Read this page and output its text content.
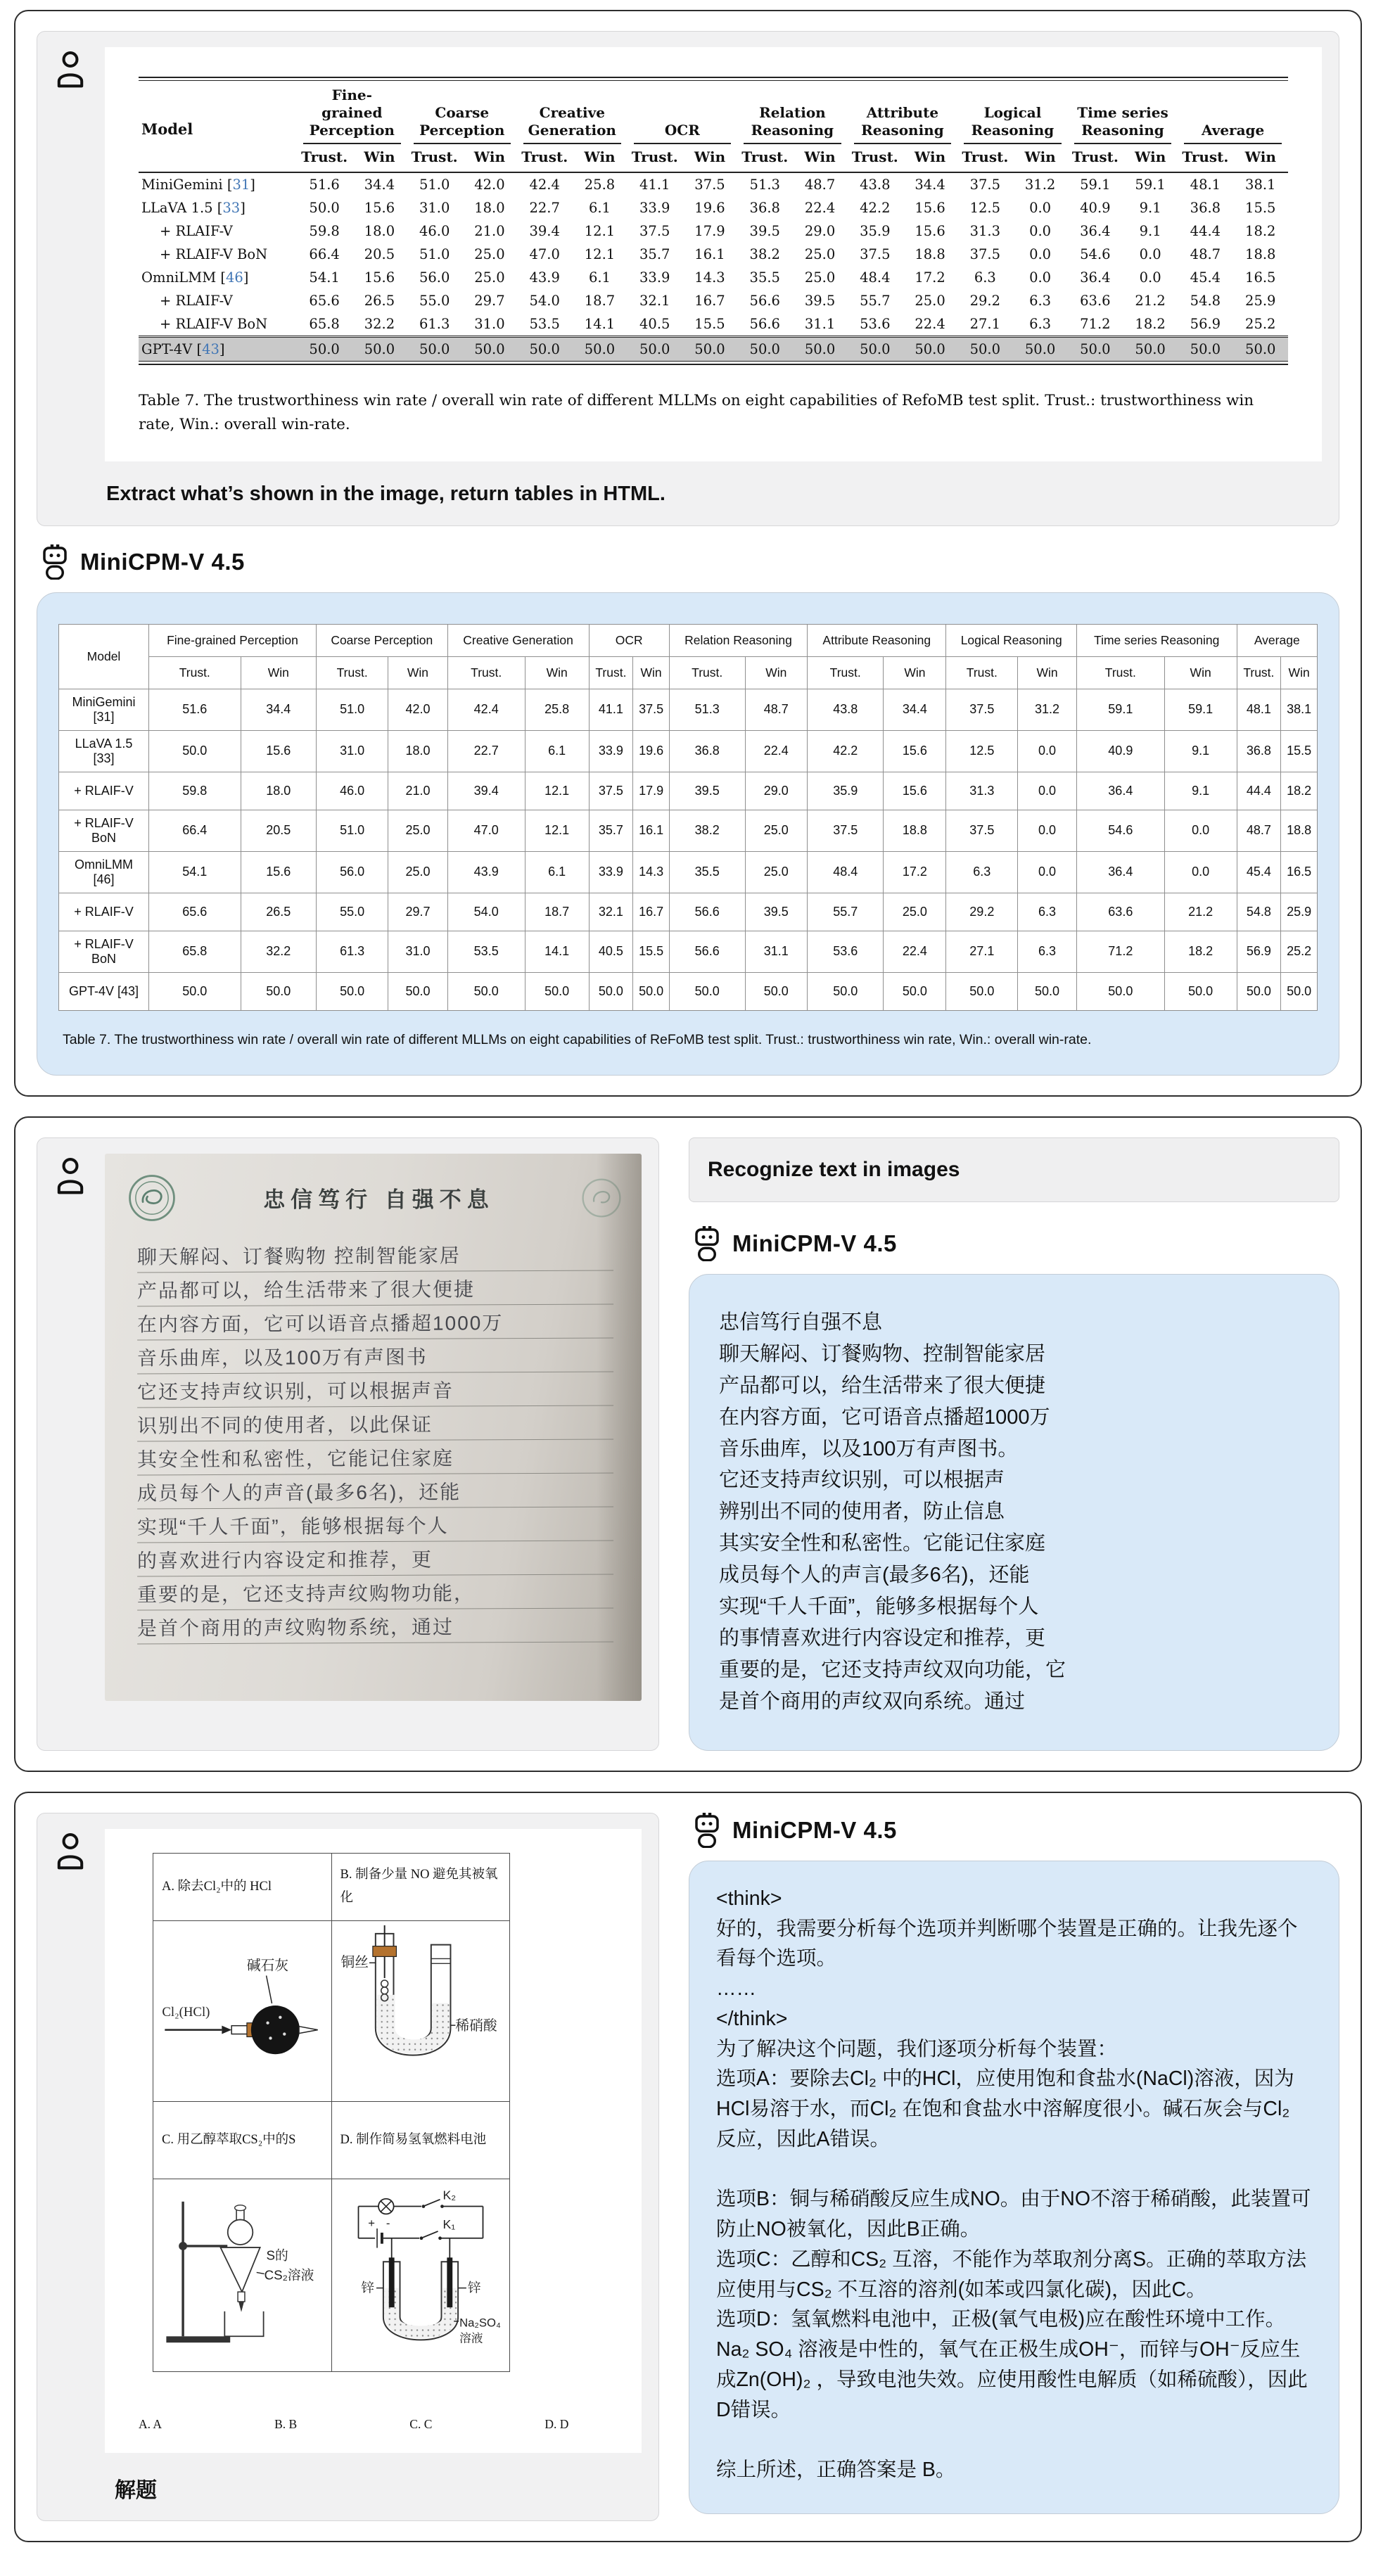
Model	Fine-grained Perception		Coarse Perception		Creative Generation		OCR		Relation Reasoning		Attribute Reasoning		Logical Reasoning		Time series Reasoning		Average	

	Trust.	Win	Trust.	Win	Trust.	Win	Trust.	Win	Trust.	Win	Trust.	Win	Trust.	Win	Trust.	Win	Trust.	Win
MiniGemini [31]	51.6	34.4	51.0	42.0	42.4	25.8	41.1	37.5	51.3	48.7	43.8	34.4	37.5	31.2	59.1	59.1	48.1	38.1
LLaVA 1.5 [33]	50.0	15.6	31.0	18.0	22.7	6.1	33.9	19.6	36.8	22.4	42.2	15.6	12.5	0.0	40.9	9.1	36.8	15.5
+ RLAIF-V	59.8	18.0	46.0	21.0	39.4	12.1	37.5	17.9	39.5	29.0	35.9	15.6	31.3	0.0	36.4	9.1	44.4	18.2
+ RLAIF-V BoN	66.4	20.5	51.0	25.0	47.0	12.1	35.7	16.1	38.2	25.0	37.5	18.8	37.5	0.0	54.6	0.0	48.7	18.8
OmniLMM [46]	54.1	15.6	56.0	25.0	43.9	6.1	33.9	14.3	35.5	25.0	48.4	17.2	6.3	0.0	36.4	0.0	45.4	16.5
+ RLAIF-V	65.6	26.5	55.0	29.7	54.0	18.7	32.1	16.7	56.6	39.5	55.7	25.0	29.2	6.3	63.6	21.2	54.8	25.9
+ RLAIF-V BoN	65.8	32.2	61.3	31.0	53.5	14.1	40.5	15.5	56.6	31.1	53.6	22.4	27.1	6.3	71.2	18.2	56.9	25.2
GPT-4V [43]	50.0	50.0	50.0	50.0	50.0	50.0	50.0	50.0	50.0	50.0	50.0	50.0	50.0	50.0	50.0	50.0	50.0	50.0
Table 7. The trustworthiness win rate / overall win rate of different MLLMs on eight capabilities of RefoMB test split. Trust.: trustworthiness win rate, Win.: overall win-rate.
Extract what’s shown in the image, return tables in HTML.
MiniCPM-V 4.5
Model	Fine-grained Perception		Coarse Perception		Creative Generation		OCR		Relation Reasoning		Attribute Reasoning		Logical Reasoning		Time series Reasoning		Average	
	Trust.	Win	Trust.	Win	Trust.	Win	Trust.	Win	Trust.	Win	Trust.	Win	Trust.	Win	Trust.	Win	Trust.	Win
MiniGemini [31]	51.6	34.4	51.0	42.0	42.4	25.8	41.1	37.5	51.3	48.7	43.8	34.4	37.5	31.2	59.1	59.1	48.1	38.1
LLaVA 1.5 [33]	50.0	15.6	31.0	18.0	22.7	6.1	33.9	19.6	36.8	22.4	42.2	15.6	12.5	0.0	40.9	9.1	36.8	15.5
+ RLAIF-V	59.8	18.0	46.0	21.0	39.4	12.1	37.5	17.9	39.5	29.0	35.9	15.6	31.3	0.0	36.4	9.1	44.4	18.2
+ RLAIF-V BoN	66.4	20.5	51.0	25.0	47.0	12.1	35.7	16.1	38.2	25.0	37.5	18.8	37.5	0.0	54.6	0.0	48.7	18.8
OmniLMM [46]	54.1	15.6	56.0	25.0	43.9	6.1	33.9	14.3	35.5	25.0	48.4	17.2	6.3	0.0	36.4	0.0	45.4	16.5
+ RLAIF-V	65.6	26.5	55.0	29.7	54.0	18.7	32.1	16.7	56.6	39.5	55.7	25.0	29.2	6.3	63.6	21.2	54.8	25.9
+ RLAIF-V BoN	65.8	32.2	61.3	31.0	53.5	14.1	40.5	15.5	56.6	31.1	53.6	22.4	27.1	6.3	71.2	18.2	56.9	25.2
GPT-4V [43]	50.0	50.0	50.0	50.0	50.0	50.0	50.0	50.0	50.0	50.0	50.0	50.0	50.0	50.0	50.0	50.0	50.0	50.0
Table 7. The trustworthiness win rate / overall win rate of different MLLMs on eight capabilities of ReFoMB test split. Trust.: trustworthiness win rate, Win.: overall win-rate.
忠信笃行 自强不息
聊天解闷、订餐购物 控制智能家居
产品都可以，给生活带来了很大便捷
在内容方面，它可以语音点播超1000万
音乐曲库，以及100万有声图书
它还支持声纹识别，可以根据声音
识别出不同的使用者，以此保证
其安全性和私密性，它能记住家庭
成员每个人的声音(最多6名)，还能
实现“千人千面”，能够根据每个人
的喜欢进行内容设定和推荐，更
重要的是，它还支持声纹购物功能，
是首个商用的声纹购物系统，通过
Recognize text in images
MiniCPM-V 4.5
忠信笃行自强不息
聊天解闷、订餐购物、控制智能家居
产品都可以，给生活带来了很大便捷
在内容方面，它可语音点播超1000万
音乐曲库，以及100万有声图书。
它还支持声纹识别，可以根据声
辨别出不同的使用者，防止信息
其实安全性和私密性。它能记住家庭
成员每个人的声言(最多6名)，还能
实现“千人千面”，能够多根据每个人
的事情喜欢进行内容设定和推荐，更
重要的是，它还支持声纹双向功能，它
是首个商用的声纹双向系统。通过
A. 除去Cl₂中的 HCl	B. 制备少量 NO 避免其被氧化

Cl₂(HCl)
碱石灰	铜丝
稀硝酸

C. 用乙醇萃取CS₂中的S	D. 制作简易氢氧燃料电池

S的
CS₂溶液

+ -
K₂
K₁
锌	锌
Na₂SO₄
溶液
A. A	B. B	C. C	D. D
解题
MiniCPM-V 4.5
<think>
好的，我需要分析每个选项并判断哪个装置是正确的。让我先逐个看每个选项。
……
</think>
为了解决这个问题，我们逐项分析每个装置：
选项A：要除去Cl₂ 中的HCl，应使用饱和食盐水(NaCl)溶液，因为HCl易溶于水，而Cl₂ 在饱和食盐水中溶解度很小。碱石灰会与Cl₂ 反应，因此A错误。

选项B：铜与稀硝酸反应生成NO。由于NO不溶于稀硝酸，此装置可防止NO被氧化，因此B正确。
选项C：乙醇和CS₂ 互溶，不能作为萃取剂分离S。正确的萃取方法应使用与CS₂ 不互溶的溶剂(如苯或四氯化碳)，因此C。
选项D：氢氧燃料电池中，正极(氧气电极)应在酸性环境中工作。Na₂ SO₄ 溶液是中性的，氧气在正极生成OH⁻，而锌与OH⁻反应生成Zn(OH)₂ ，导致电池失效。应使用酸性电解质（如稀硫酸），因此D错误。

综上所述，正确答案是 B。
